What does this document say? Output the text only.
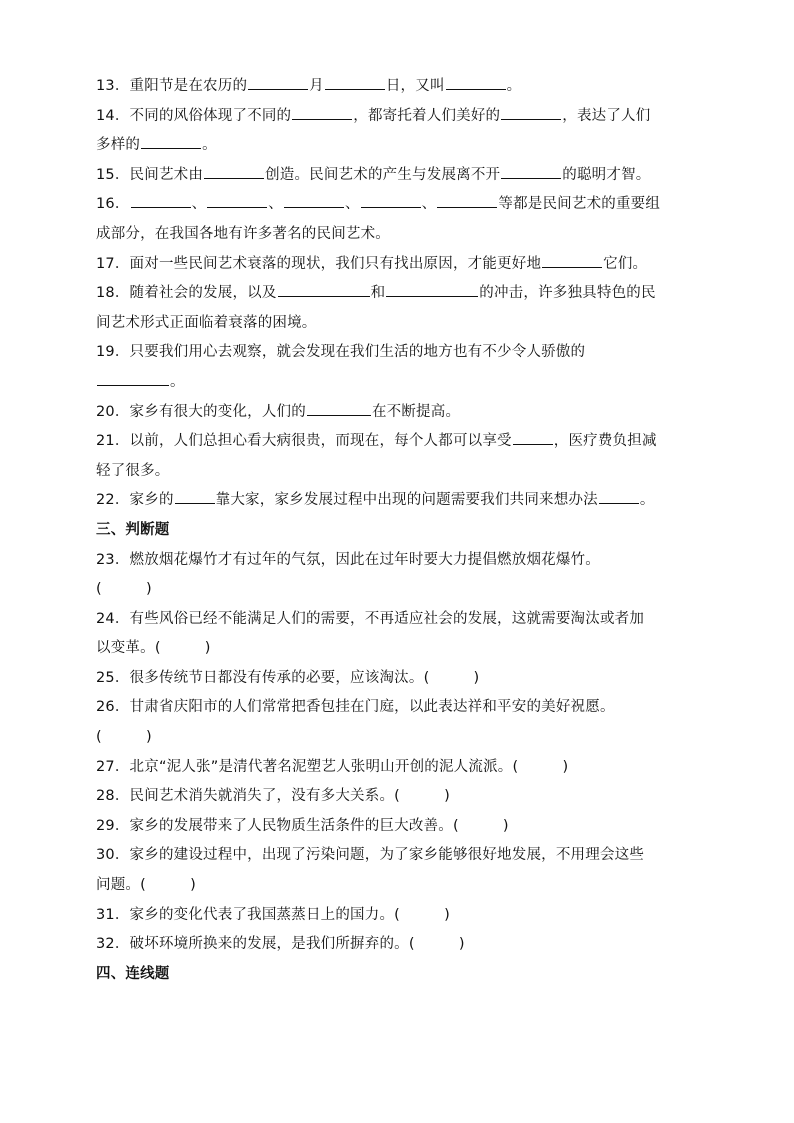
13．重阳节是在农历的	月	日，又叫	。
14．不同的风俗体现了不同的	，都寄托着人们美好的	，表达了人们
多样的	。
15．民间艺术由	创造。民间艺术的产生与发展离不开	的聪明才智。
16．	、	、	、	、	等都是民间艺术的重要组
成部分，在我国各地有许多著名的民间艺术。
17．面对一些民间艺术衰落的现状，我们只有找出原因，才能更好地	它们。
18．随着社会的发展，以及	和	的冲击，许多独具特色的民
间艺术形式正面临着衰落的困境。
19．只要我们用心去观察，就会发现在我们生活的地方也有不少令人骄傲的
。
20．家乡有很大的变化，人们的	在不断提高。
21．以前，人们总担心看大病很贵，而现在，每个人都可以享受	，医疗费负担减
轻了很多。
22．家乡的	靠大家，家乡发展过程中出现的问题需要我们共同来想办法	。
三、判断题
23．燃放烟花爆竹才有过年的气氛，因此在过年时要大力提倡燃放烟花爆竹。
(　　　)
24．有些风俗已经不能满足人们的需要，不再适应社会的发展，这就需要淘汰或者加
以变革。(　　　)
25．很多传统节日都没有传承的必要，应该淘汰。(　　　)
26．甘肃省庆阳市的人们常常把香包挂在门庭，以此表达祥和平安的美好祝愿。
(　　　)
27．北京“泥人张”是清代著名泥塑艺人张明山开创的泥人流派。(　　　)
28．民间艺术消失就消失了，没有多大关系。(　　　)
29．家乡的发展带来了人民物质生活条件的巨大改善。(　　　)
30．家乡的建设过程中，出现了污染问题，为了家乡能够很好地发展，不用理会这些
问题。(　　　)
31．家乡的变化代表了我国蒸蒸日上的国力。(　　　)
32．破坏环境所换来的发展，是我们所摒弃的。(　　　)
四、连线题
